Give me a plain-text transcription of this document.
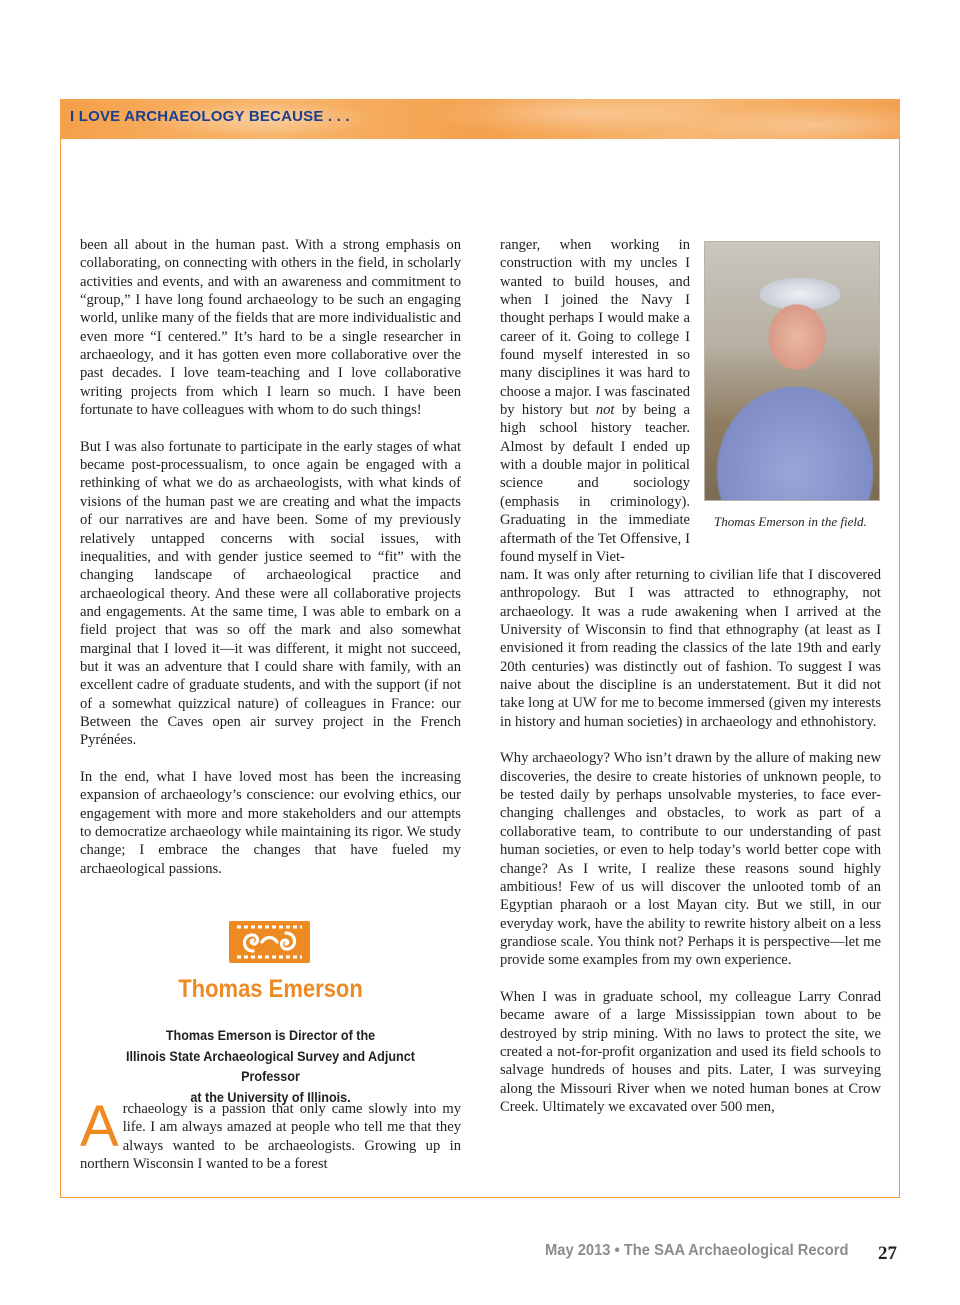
I LOVE ARCHAEOLOGY BECAUSE . . .

been all about in the human past. With a strong emphasis on collaborating, on connecting with others in the field, in scholarly activities and events, and with an awareness and commitment to “group,” I have long found archaeology to be such an engaging world, unlike many of the fields that are more individualistic and even more “I centered.” It’s hard to be a single researcher in archaeology, and it has gotten even more collaborative over the past decades. I love team-teaching and I love collaborative writing projects from which I learn so much. I have been fortunate to have colleagues with whom to do such things!

But I was also fortunate to participate in the early stages of what became post-processualism, to once again be engaged with a rethinking of what we do as archaeologists, with what kinds of visions of the human past we are creating and what the impacts of our narratives are and have been. Some of my previously relatively untapped concerns with social issues, with inequalities, and with gender justice seemed to “fit” with the changing landscape of archaeological practice and archaeological theory. And these were all collaborative projects and engagements. At the same time, I was able to embark on a field project that was so off the mark and also somewhat marginal that I loved it—it was different, it might not succeed, but it was an adventure that I could share with family, with an excellent cadre of graduate students, and with the support (if not of a somewhat quizzical nature) of colleagues in France: our Between the Caves open air survey project in the French Pyrénées.

In the end, what I have loved most has been the increasing expansion of archaeology’s conscience: our evolving ethics, our engagement with more and more stakeholders and our attempts to democratize archaeology while maintaining its rigor. We study change; I embrace the changes that have fueled my archaeological passions.

Thomas Emerson
Thomas Emerson is Director of the
Illinois State Archaeological Survey and Adjunct Professor
at the University of Illinois.
Archaeology is a passion that only came slowly into my life. I am always amazed at people who tell me that they always wanted to be archaeologists. Growing up in northern Wisconsin I wanted to be a forest
ranger, when working in construction with my uncles I wanted to build houses, and when I joined the Navy I thought perhaps I would make a career of it. Going to college I found myself interested in so many disciplines it was hard to choose a major. I was fascinated by history but not by being a high school history teacher. Almost by default I ended up with a double major in political science and sociology (emphasis in criminology). Graduating in the immediate aftermath of the Tet Offensive, I found myself in Viet-
Thomas Emerson in the field.

nam. It was only after returning to civilian life that I discovered anthropology. But I was attracted to ethnography, not archaeology. It was a rude awakening when I arrived at the University of Wisconsin to find that ethnography (at least as I envisioned it from reading the classics of the late 19th and early 20th centuries) was distinctly out of fashion. To suggest I was naive about the discipline is an understatement. But it did not take long at UW for me to become immersed (given my interests in history and human societies) in archaeology and ethnohistory.

Why archaeology? Who isn’t drawn by the allure of making new discoveries, the desire to create histories of unknown people, to be tested daily by perhaps unsolvable mysteries, to face ever-changing challenges and obstacles, to work as part of a collaborative team, to contribute to our understanding of past human societies, or even to help today’s world better cope with change? As I write, I realize these reasons sound highly ambitious! Few of us will discover the unlooted tomb of an Egyptian pharaoh or a lost Mayan city. But we still, in our everyday work, have the ability to rewrite history albeit on a less grandiose scale. You think not? Perhaps it is perspective—let me provide some examples from my own experience.

When I was in graduate school, my colleague Larry Conrad became aware of a large Mississippian town about to be destroyed by strip mining. With no laws to protect the site, we created a not-for-profit organization and used its field schools to salvage hundreds of houses and pits. Later, I was surveying along the Missouri River when we noted human bones at Crow Creek. Ultimately we excavated over 500 men,

May 2013 • The SAA Archaeological Record 27
